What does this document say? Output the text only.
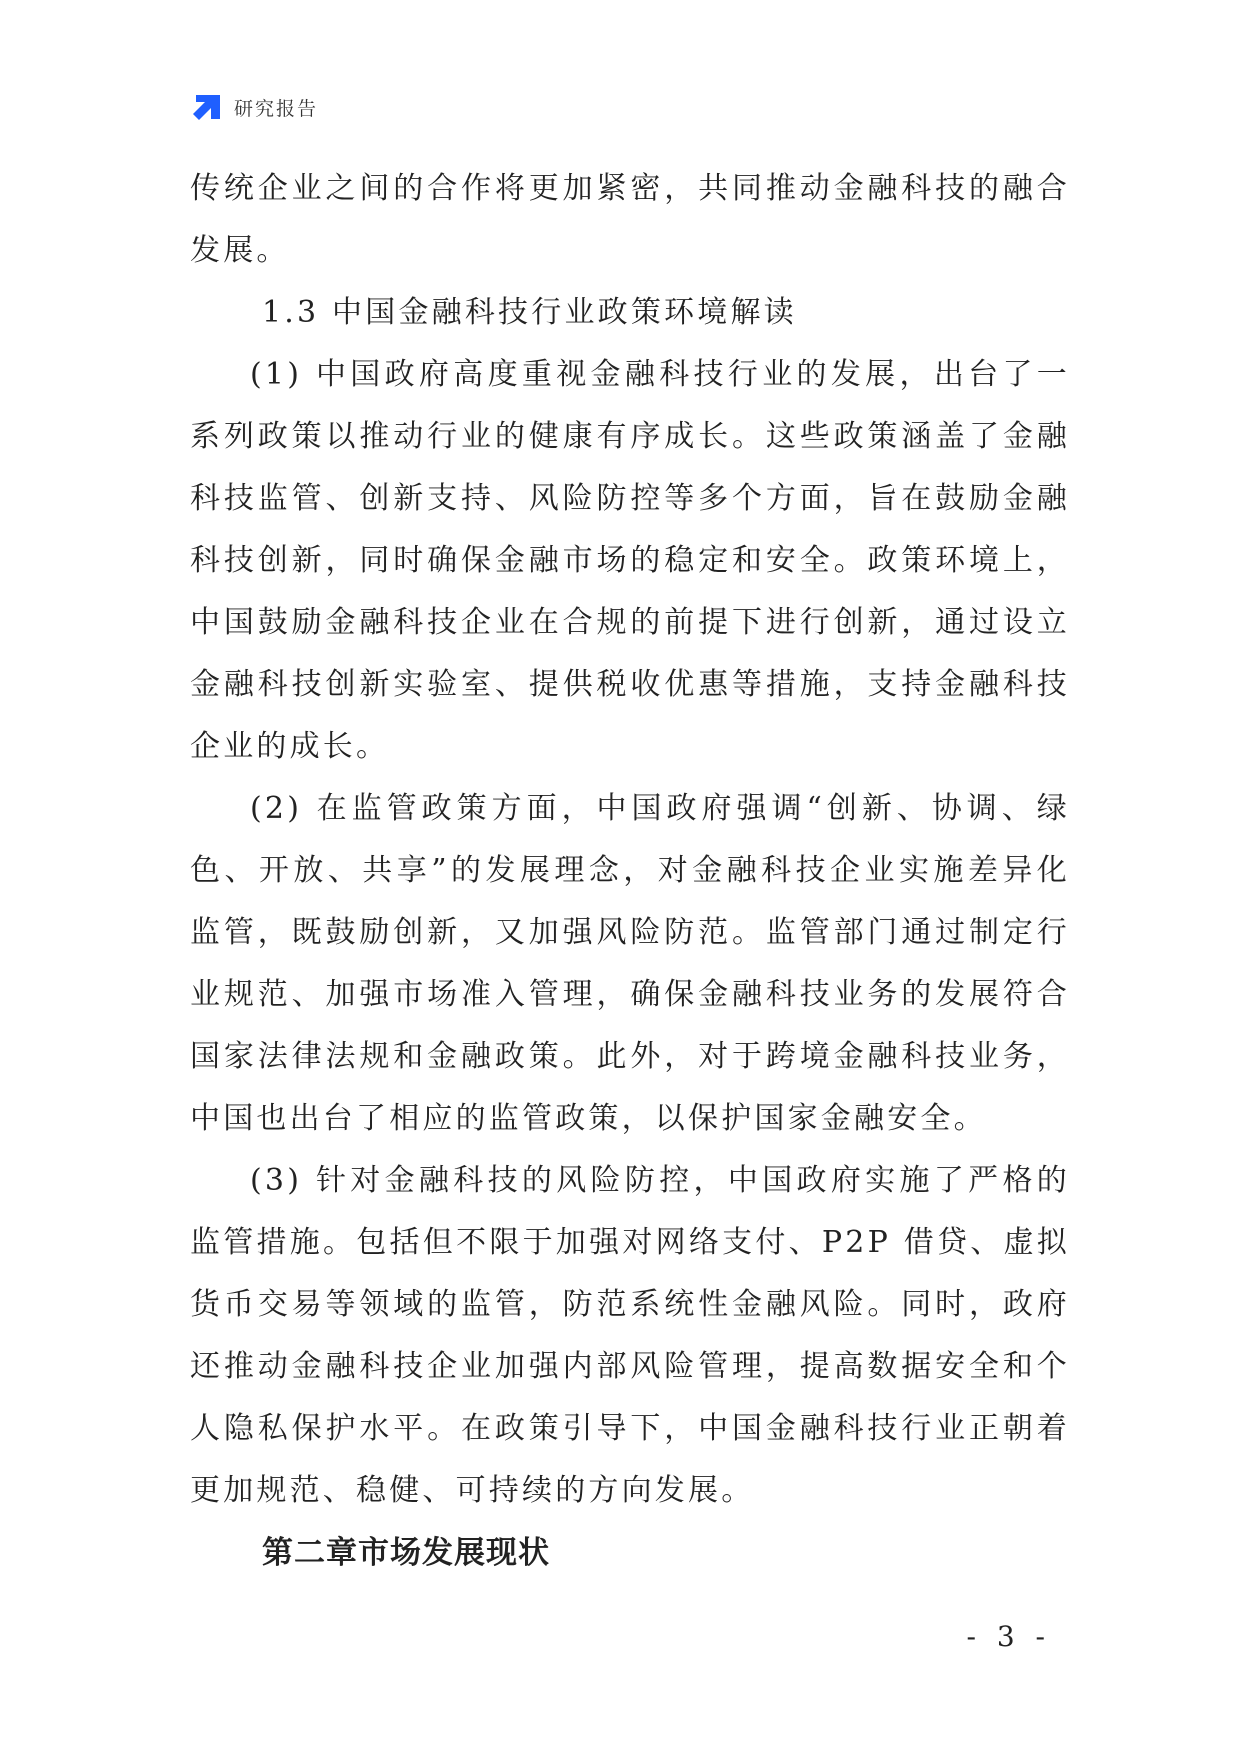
研究报告

传统企业之间的合作将更加紧密，共同推动金融科技的融合发展。

1.3 中国金融科技行业政策环境解读

(1) 中国政府高度重视金融科技行业的发展，出台了一系列政策以推动行业的健康有序成长。这些政策涵盖了金融科技监管、创新支持、风险防控等多个方面，旨在鼓励金融科技创新，同时确保金融市场的稳定和安全。政策环境上，中国鼓励金融科技企业在合规的前提下进行创新，通过设立金融科技创新实验室、提供税收优惠等措施，支持金融科技企业的成长。

(2) 在监管政策方面，中国政府强调“创新、协调、绿色、开放、共享”的发展理念，对金融科技企业实施差异化监管，既鼓励创新，又加强风险防范。监管部门通过制定行业规范、加强市场准入管理，确保金融科技业务的发展符合国家法律法规和金融政策。此外，对于跨境金融科技业务，中国也出台了相应的监管政策，以保护国家金融安全。

(3) 针对金融科技的风险防控，中国政府实施了严格的监管措施。包括但不限于加强对网络支付、P2P 借贷、虚拟货币交易等领域的监管，防范系统性金融风险。同时，政府还推动金融科技企业加强内部风险管理，提高数据安全和个人隐私保护水平。在政策引导下，中国金融科技行业正朝着更加规范、稳健、可持续的方向发展。

第二章市场发展现状

- 3 -
